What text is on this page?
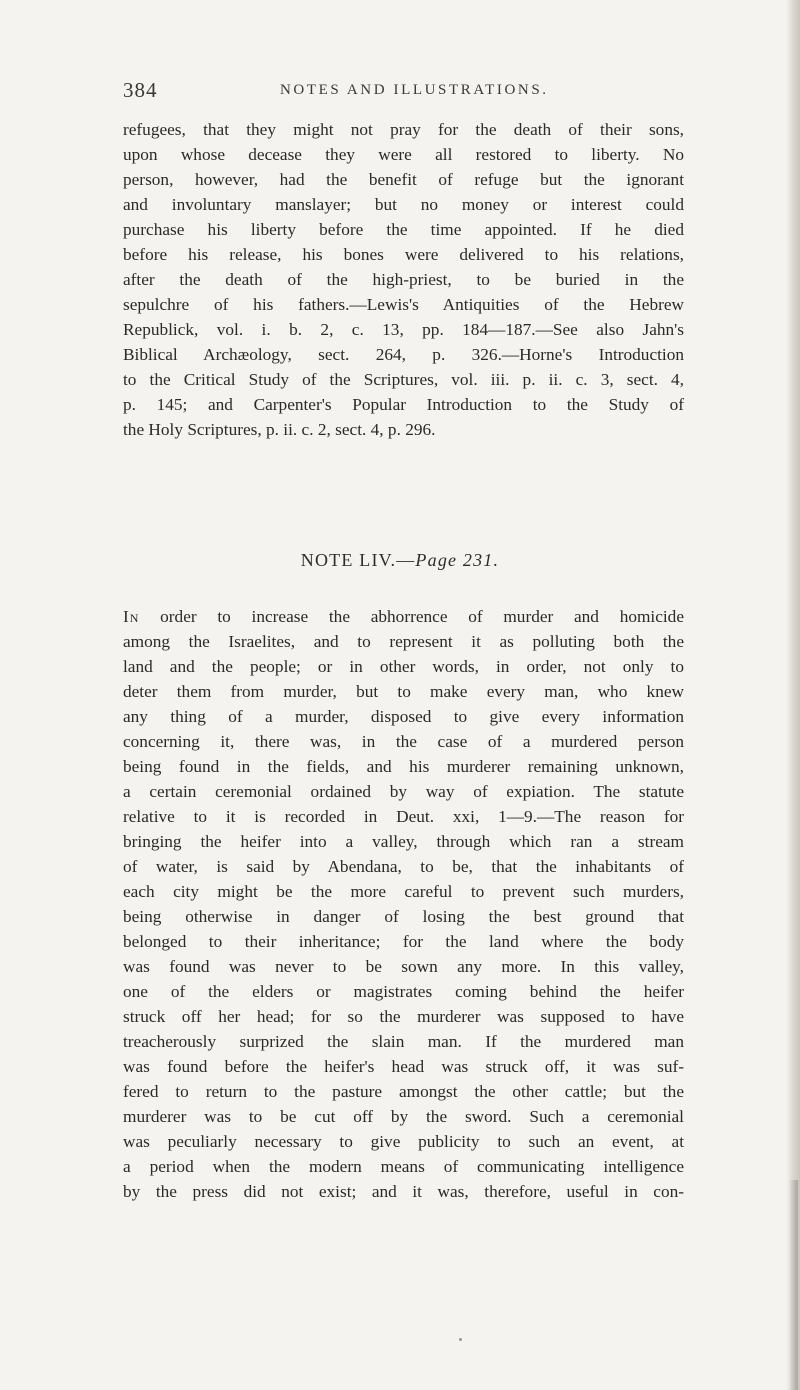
384	NOTES AND ILLUSTRATIONS.
refugees, that they might not pray for the death of their sons,
upon whose decease they were all restored to liberty. No
person, however, had the benefit of refuge but the ignorant
and involuntary manslayer; but no money or interest could
purchase his liberty before the time appointed. If he died
before his release, his bones were delivered to his relations,
after the death of the high-priest, to be buried in the
sepulchre of his fathers.—Lewis's Antiquities of the Hebrew
Republick, vol. i. b. 2, c. 13, pp. 184—187.—See also Jahn's
Biblical Archæology, sect. 264, p. 326.—Horne's Introduction
to the Critical Study of the Scriptures, vol. iii. p. ii. c. 3, sect. 4,
p. 145; and Carpenter's Popular Introduction to the Study of
the Holy Scriptures, p. ii. c. 2, sect. 4, p. 296.
NOTE LIV.—Page 231.
In order to increase the abhorrence of murder and homicide
among the Israelites, and to represent it as polluting both the
land and the people; or in other words, in order, not only to
deter them from murder, but to make every man, who knew
any thing of a murder, disposed to give every information
concerning it, there was, in the case of a murdered person
being found in the fields, and his murderer remaining unknown,
a certain ceremonial ordained by way of expiation. The statute
relative to it is recorded in Deut. xxi, 1—9.—The reason for
bringing the heifer into a valley, through which ran a stream
of water, is said by Abendana, to be, that the inhabitants of
each city might be the more careful to prevent such murders,
being otherwise in danger of losing the best ground that
belonged to their inheritance; for the land where the body
was found was never to be sown any more. In this valley,
one of the elders or magistrates coming behind the heifer
struck off her head; for so the murderer was supposed to have
treacherously surprized the slain man. If the murdered man
was found before the heifer's head was struck off, it was suf-
fered to return to the pasture amongst the other cattle; but the
murderer was to be cut off by the sword. Such a ceremonial
was peculiarly necessary to give publicity to such an event, at
a period when the modern means of communicating intelligence
by the press did not exist; and it was, therefore, useful in con-
